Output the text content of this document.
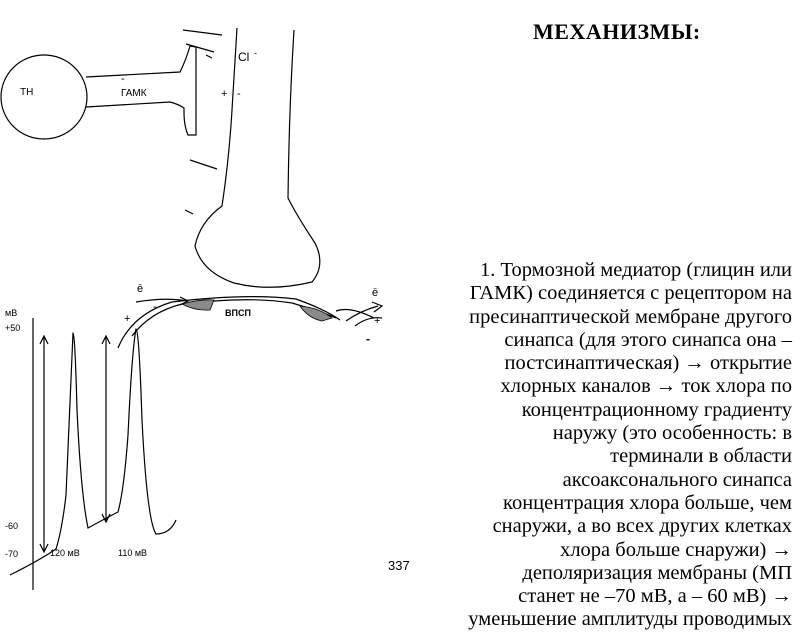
ТН	ГАМК
-
Cl -
+ -
ē	ē
ВПСП
+
-
+
-
мВ
+50
-60
-70	120 мВ	110 мВ
МЕХАНИЗМЫ:
1. Тормозной медиатор (глицин или
ГАМК) соединяется с рецептором на
пресинаптической мембране другого
синапса (для этого синапса она –
постсинаптическая) → открытие
хлорных каналов → ток хлора по
концентрационному градиенту
наружу (это особенность: в
терминали в области
аксоаксонального синапса
концентрация хлора больше, чем
снаружи, а во всех других клетках
хлора больше снаружи) →
деполяризация мембраны (МП
станет не –70 мВ, а – 60 мВ) →
уменьшение амплитуды проводимых
337
